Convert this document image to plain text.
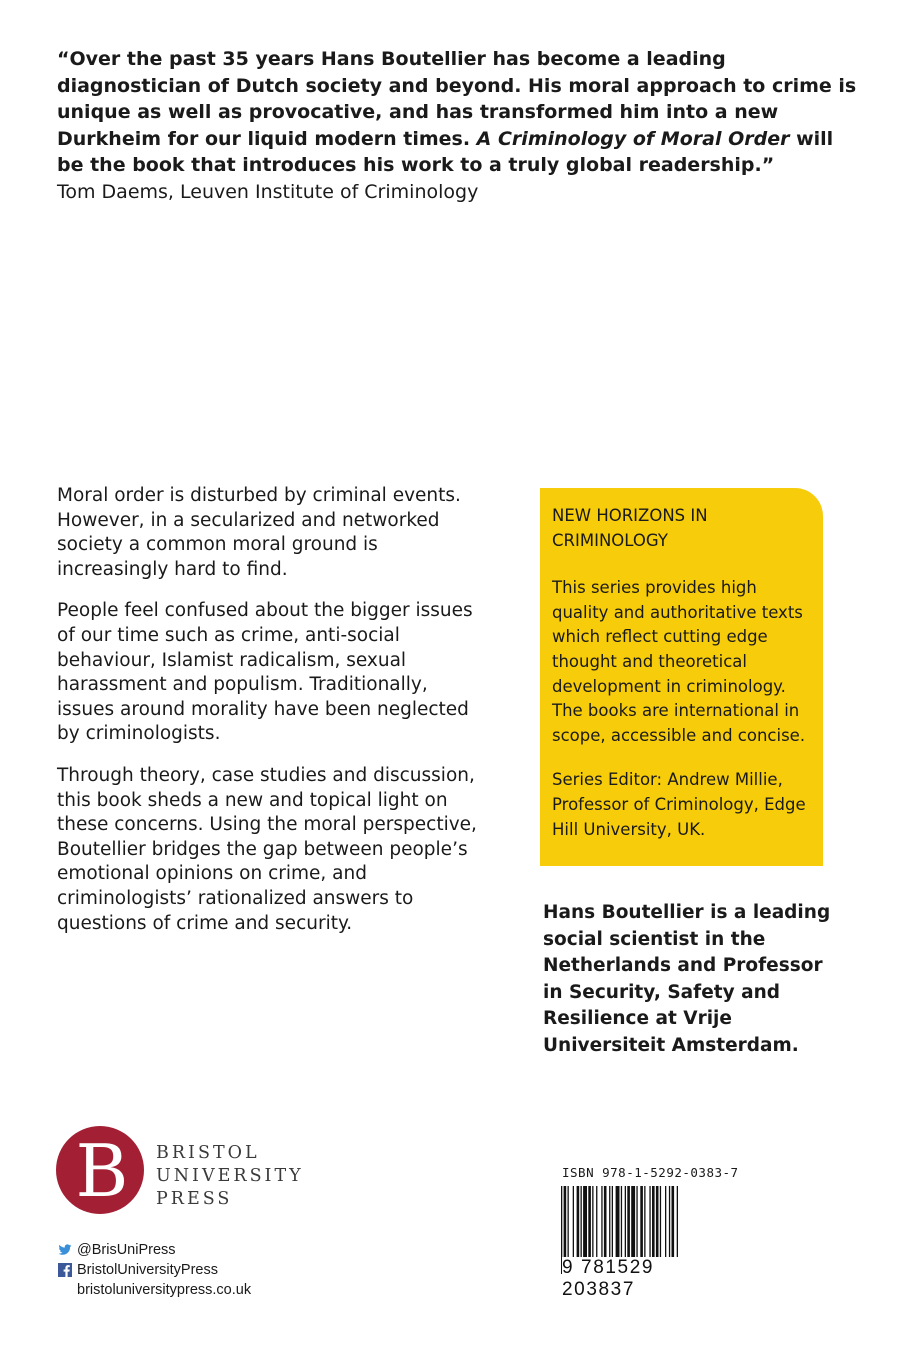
“Over the past 35 years Hans Boutellier has become a leading diagnostician of Dutch society and beyond. His moral approach to crime is unique as well as provocative, and has transformed him into a new Durkheim for our liquid modern times. A Criminology of Moral Order will be the book that introduces his work to a truly global readership.”
Tom Daems, Leuven Institute of Criminology

Moral order is disturbed by criminal events. However, in a secularized and networked society a common moral ground is increasingly hard to find.

People feel confused about the bigger issues of our time such as crime, anti-social behaviour, Islamist radicalism, sexual harassment and populism. Traditionally, issues around morality have been neglected by criminologists.

Through theory, case studies and discussion, this book sheds a new and topical light on these concerns. Using the moral perspective, Boutellier bridges the gap between people’s emotional opinions on crime, and criminologists’ rationalized answers to questions of crime and security.

NEW HORIZONS IN CRIMINOLOGY

This series provides high quality and authoritative texts which reflect cutting edge thought and theoretical development in criminology. The books are international in scope, accessible and concise.

Series Editor: Andrew Millie, Professor of Criminology, Edge Hill University, UK.

Hans Boutellier is a leading social scientist in the Netherlands and Professor in Security, Safety and Resilience at Vrije Universiteit Amsterdam.
B BRISTOL
UNIVERSITY
PRESS
@BrisUniPress
BristolUniversityPress
bristoluniversitypress.co.uk
ISBN 978-1-5292-0383-7
9 781529 203837
